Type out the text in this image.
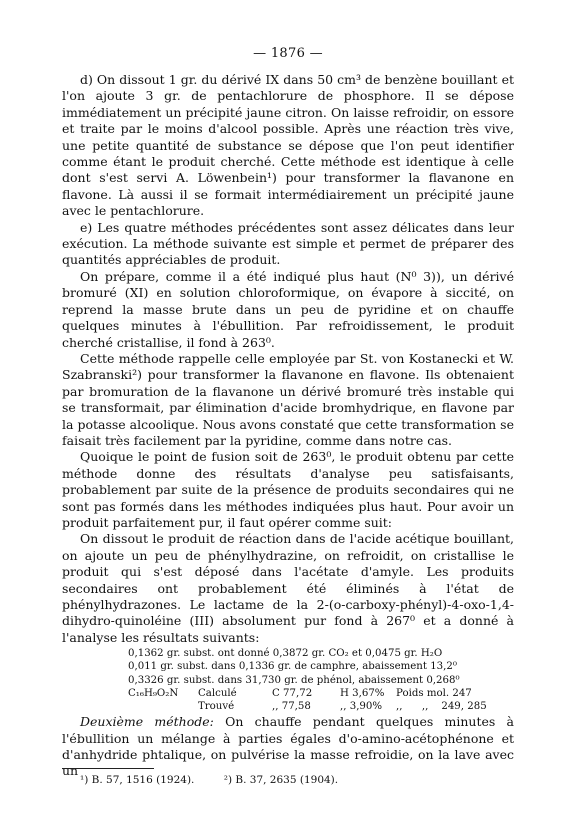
— 1876 —

d) On dissout 1 gr. du dérivé IX dans 50 cm³ de benzène bouillant et l'on ajoute 3 gr. de pentachlorure de phosphore. Il se dépose immédiatement un précipité jaune citron. On laisse refroidir, on essore et traite par le moins d'alcool possible. Après une réaction très vive, une petite quantité de substance se dépose que l'on peut identifier comme étant le produit cherché. Cette méthode est identique à celle dont s'est servi A. Löwenbein¹) pour transformer la flavanone en flavone. Là aussi il se formait intermédiairement un précipité jaune avec le pentachlorure.

e) Les quatre méthodes précédentes sont assez délicates dans leur exécution. La méthode suivante est simple et permet de préparer des quantités appréciables de produit.

On prépare, comme il a été indiqué plus haut (N⁰ 3)), un dérivé bromuré (XI) en solution chloroformique, on évapore à siccité, on reprend la masse brute dans un peu de pyridine et on chauffe quelques minutes à l'ébullition. Par refroidissement, le produit cherché cristallise, il fond à 263⁰.

Cette méthode rappelle celle employée par St. von Kostanecki et W. Szabranski²) pour transformer la flavanone en flavone. Ils obtenaient par bromuration de la flavanone un dérivé bromuré très instable qui se transformait, par élimination d'acide bromhydrique, en flavone par la potasse alcoolique. Nous avons constaté que cette transformation se faisait très facilement par la pyridine, comme dans notre cas.

Quoique le point de fusion soit de 263⁰, le produit obtenu par cette méthode donne des résultats d'analyse peu satisfaisants, probablement par suite de la présence de produits secondaires qui ne sont pas formés dans les méthodes indiquées plus haut. Pour avoir un produit parfaitement pur, il faut opérer comme suit:

On dissout le produit de réaction dans de l'acide acétique bouillant, on ajoute un peu de phénylhydrazine, on refroidit, on cristallise le produit qui s'est déposé dans l'acétate d'amyle. Les produits secondaires ont probablement été éliminés à l'état de phénylhydrazones. Le lactame de la 2-(o-carboxy-phényl)-4-oxo-1,4-dihydro-quinoléine (III) absolument pur fond à 267⁰ et a donné à l'analyse les résultats suivants:

0,1362 gr. subst. ont donné 0,3872 gr. CO₂ et 0,0475 gr. H₂O
0,011 gr. subst. dans 0,1336 gr. de camphre, abaissement 13,2⁰
0,3326 gr. subst. dans 31,730 gr. de phénol, abaissement 0,268⁰
C₁₆H₉O₂N Calculé	C 77,72	H 3,67% Poids mol. 247
Trouvé	,, 77,58	,, 3,90% ,,      ,,    249, 285

Deuxième méthode: On chauffe pendant quelques minutes à l'ébullition un mélange à parties égales d'o-amino-acétophénone et d'anhydride phtalique, on pulvérise la masse refroidie, on la lave avec un

¹) B. 57, 1516 (1924).	²) B. 37, 2635 (1904).
